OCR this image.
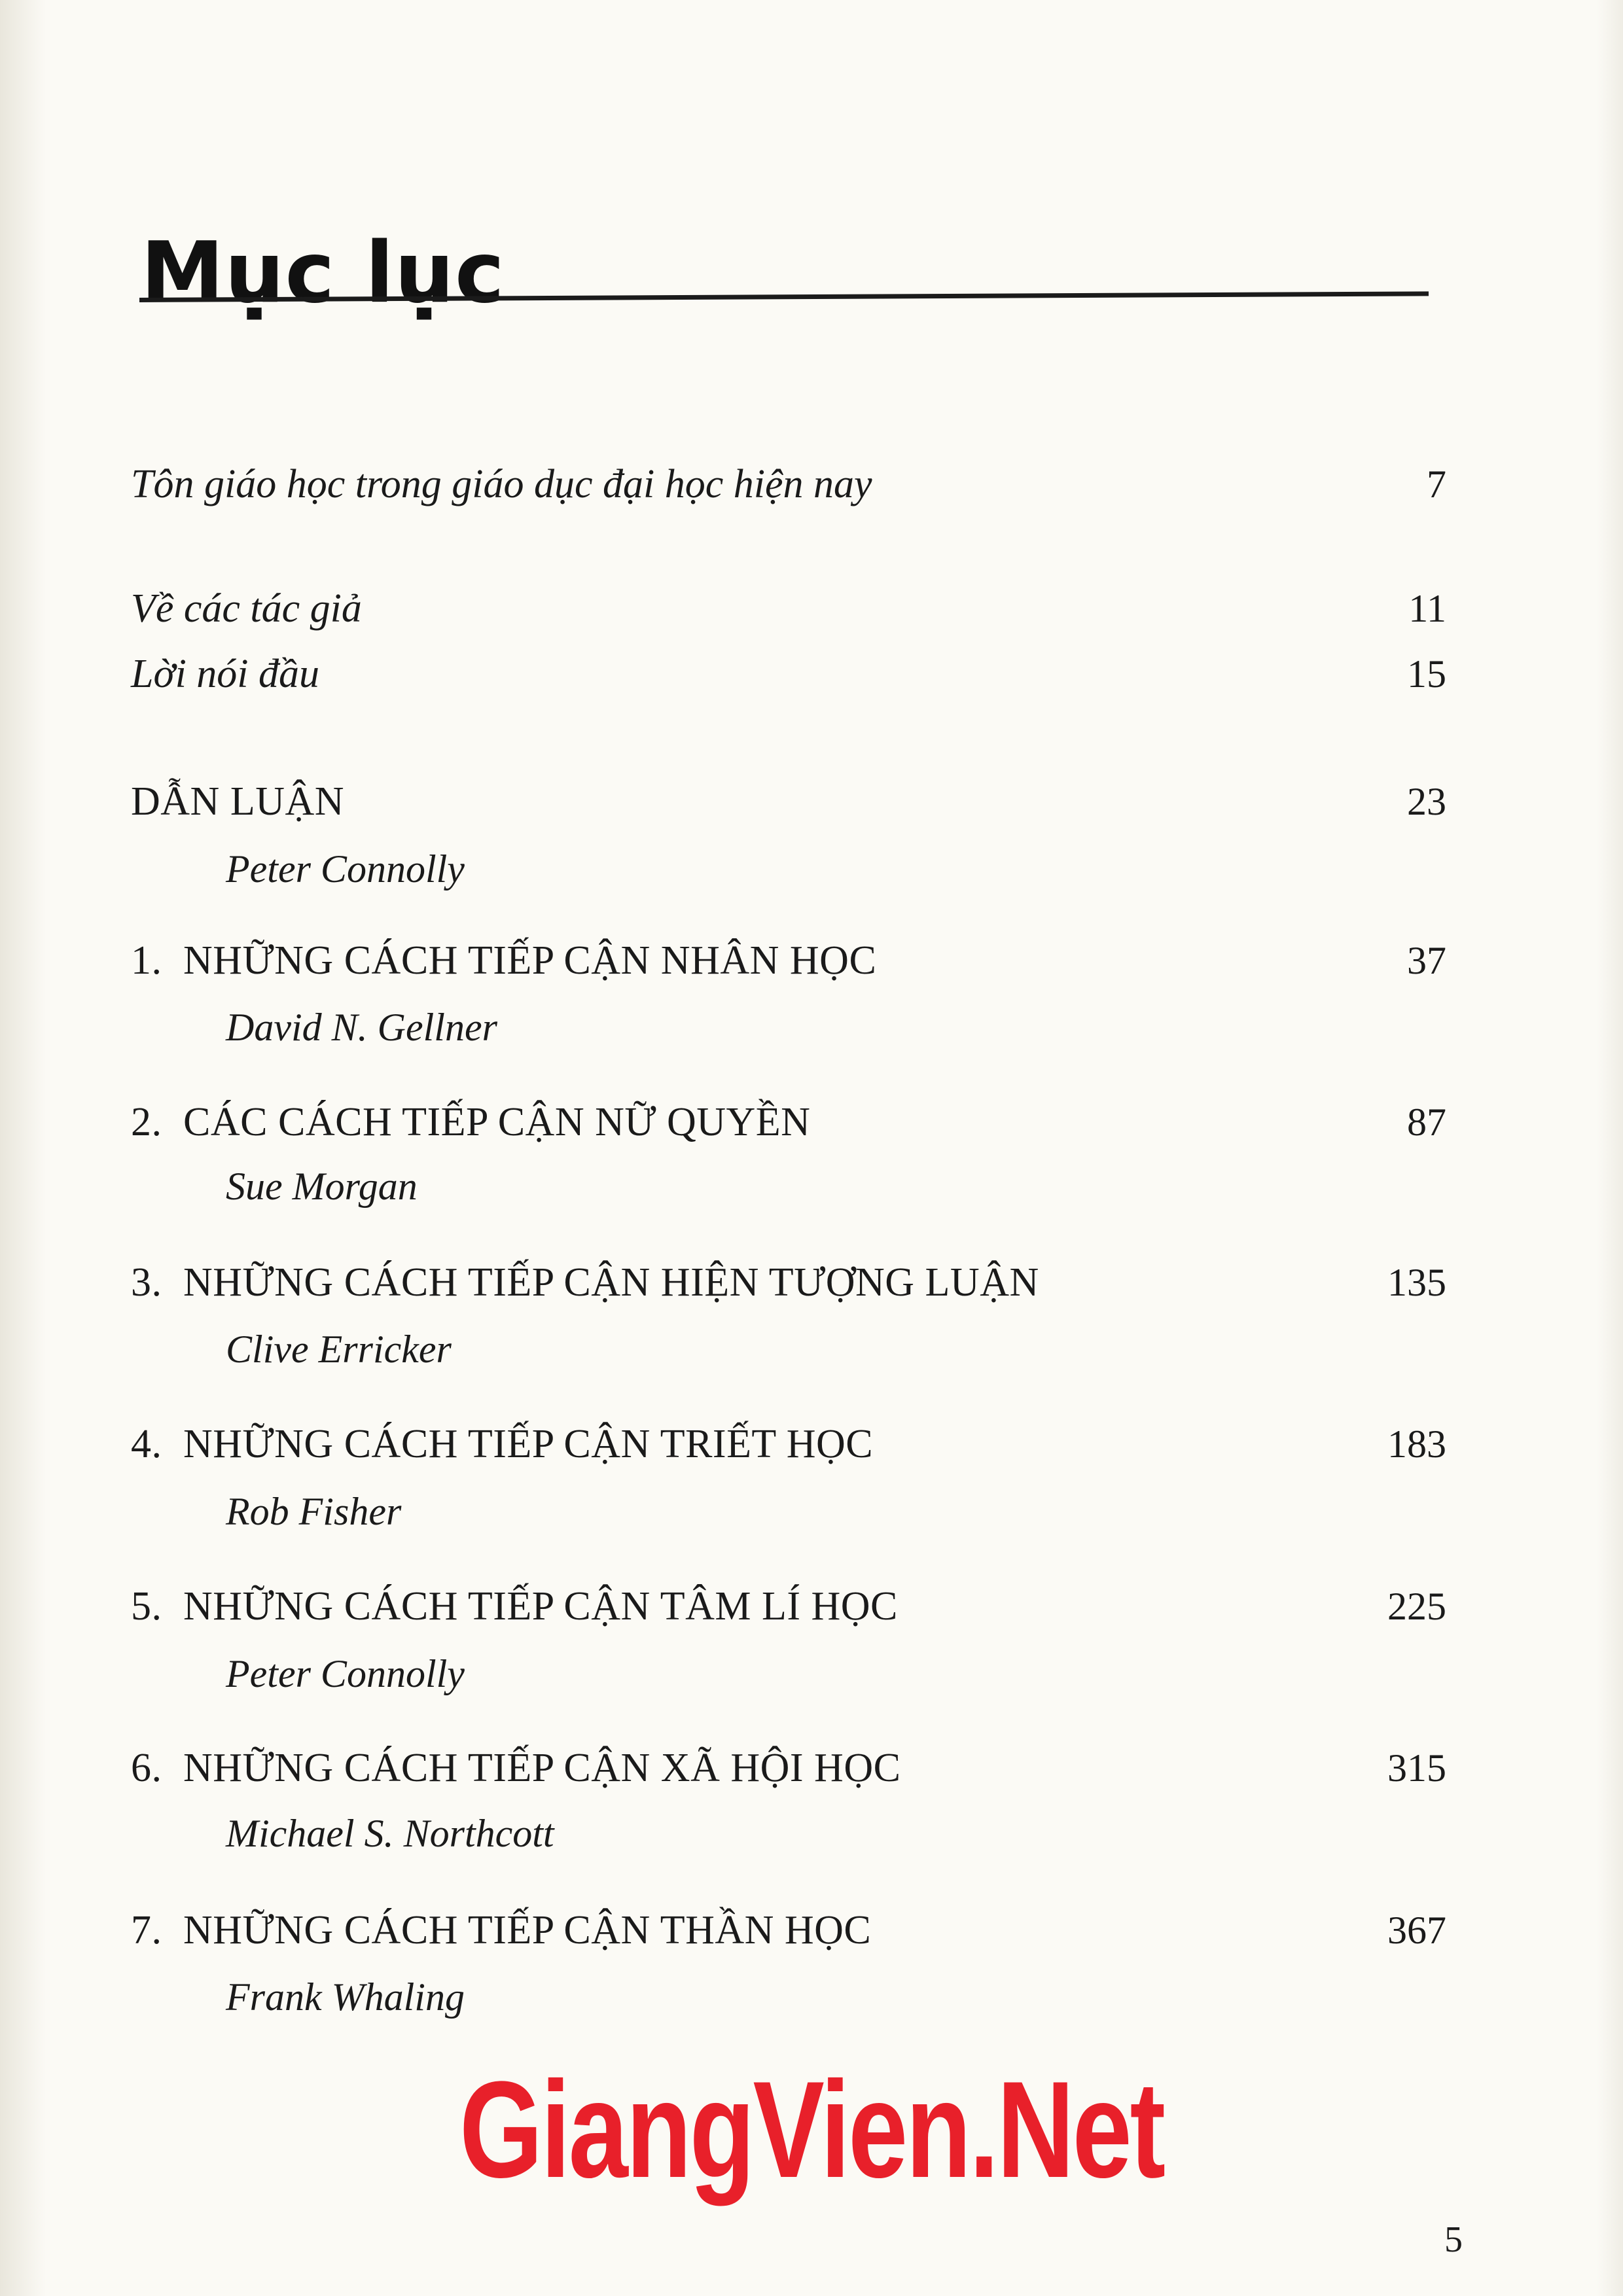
Mục lục
Tôn giáo học trong giáo dục đại học hiện nay	7
Về các tác giả	11
Lời nói đầu	15
DẪN LUẬN	23
Peter Connolly
1. NHỮNG CÁCH TIẾP CẬN NHÂN HỌC	37
David N. Gellner
2. CÁC CÁCH TIẾP CẬN NỮ QUYỀN	87
Sue Morgan
3. NHỮNG CÁCH TIẾP CẬN HIỆN TƯỢNG LUẬN	135
Clive Erricker
4. NHỮNG CÁCH TIẾP CẬN TRIẾT HỌC	183
Rob Fisher
5. NHỮNG CÁCH TIẾP CẬN TÂM LÍ HỌC	225
Peter Connolly
6. NHỮNG CÁCH TIẾP CẬN XÃ HỘI HỌC	315
Michael S. Northcott
7. NHỮNG CÁCH TIẾP CẬN THẦN HỌC	367
Frank Whaling
GiangVien.Net
5
